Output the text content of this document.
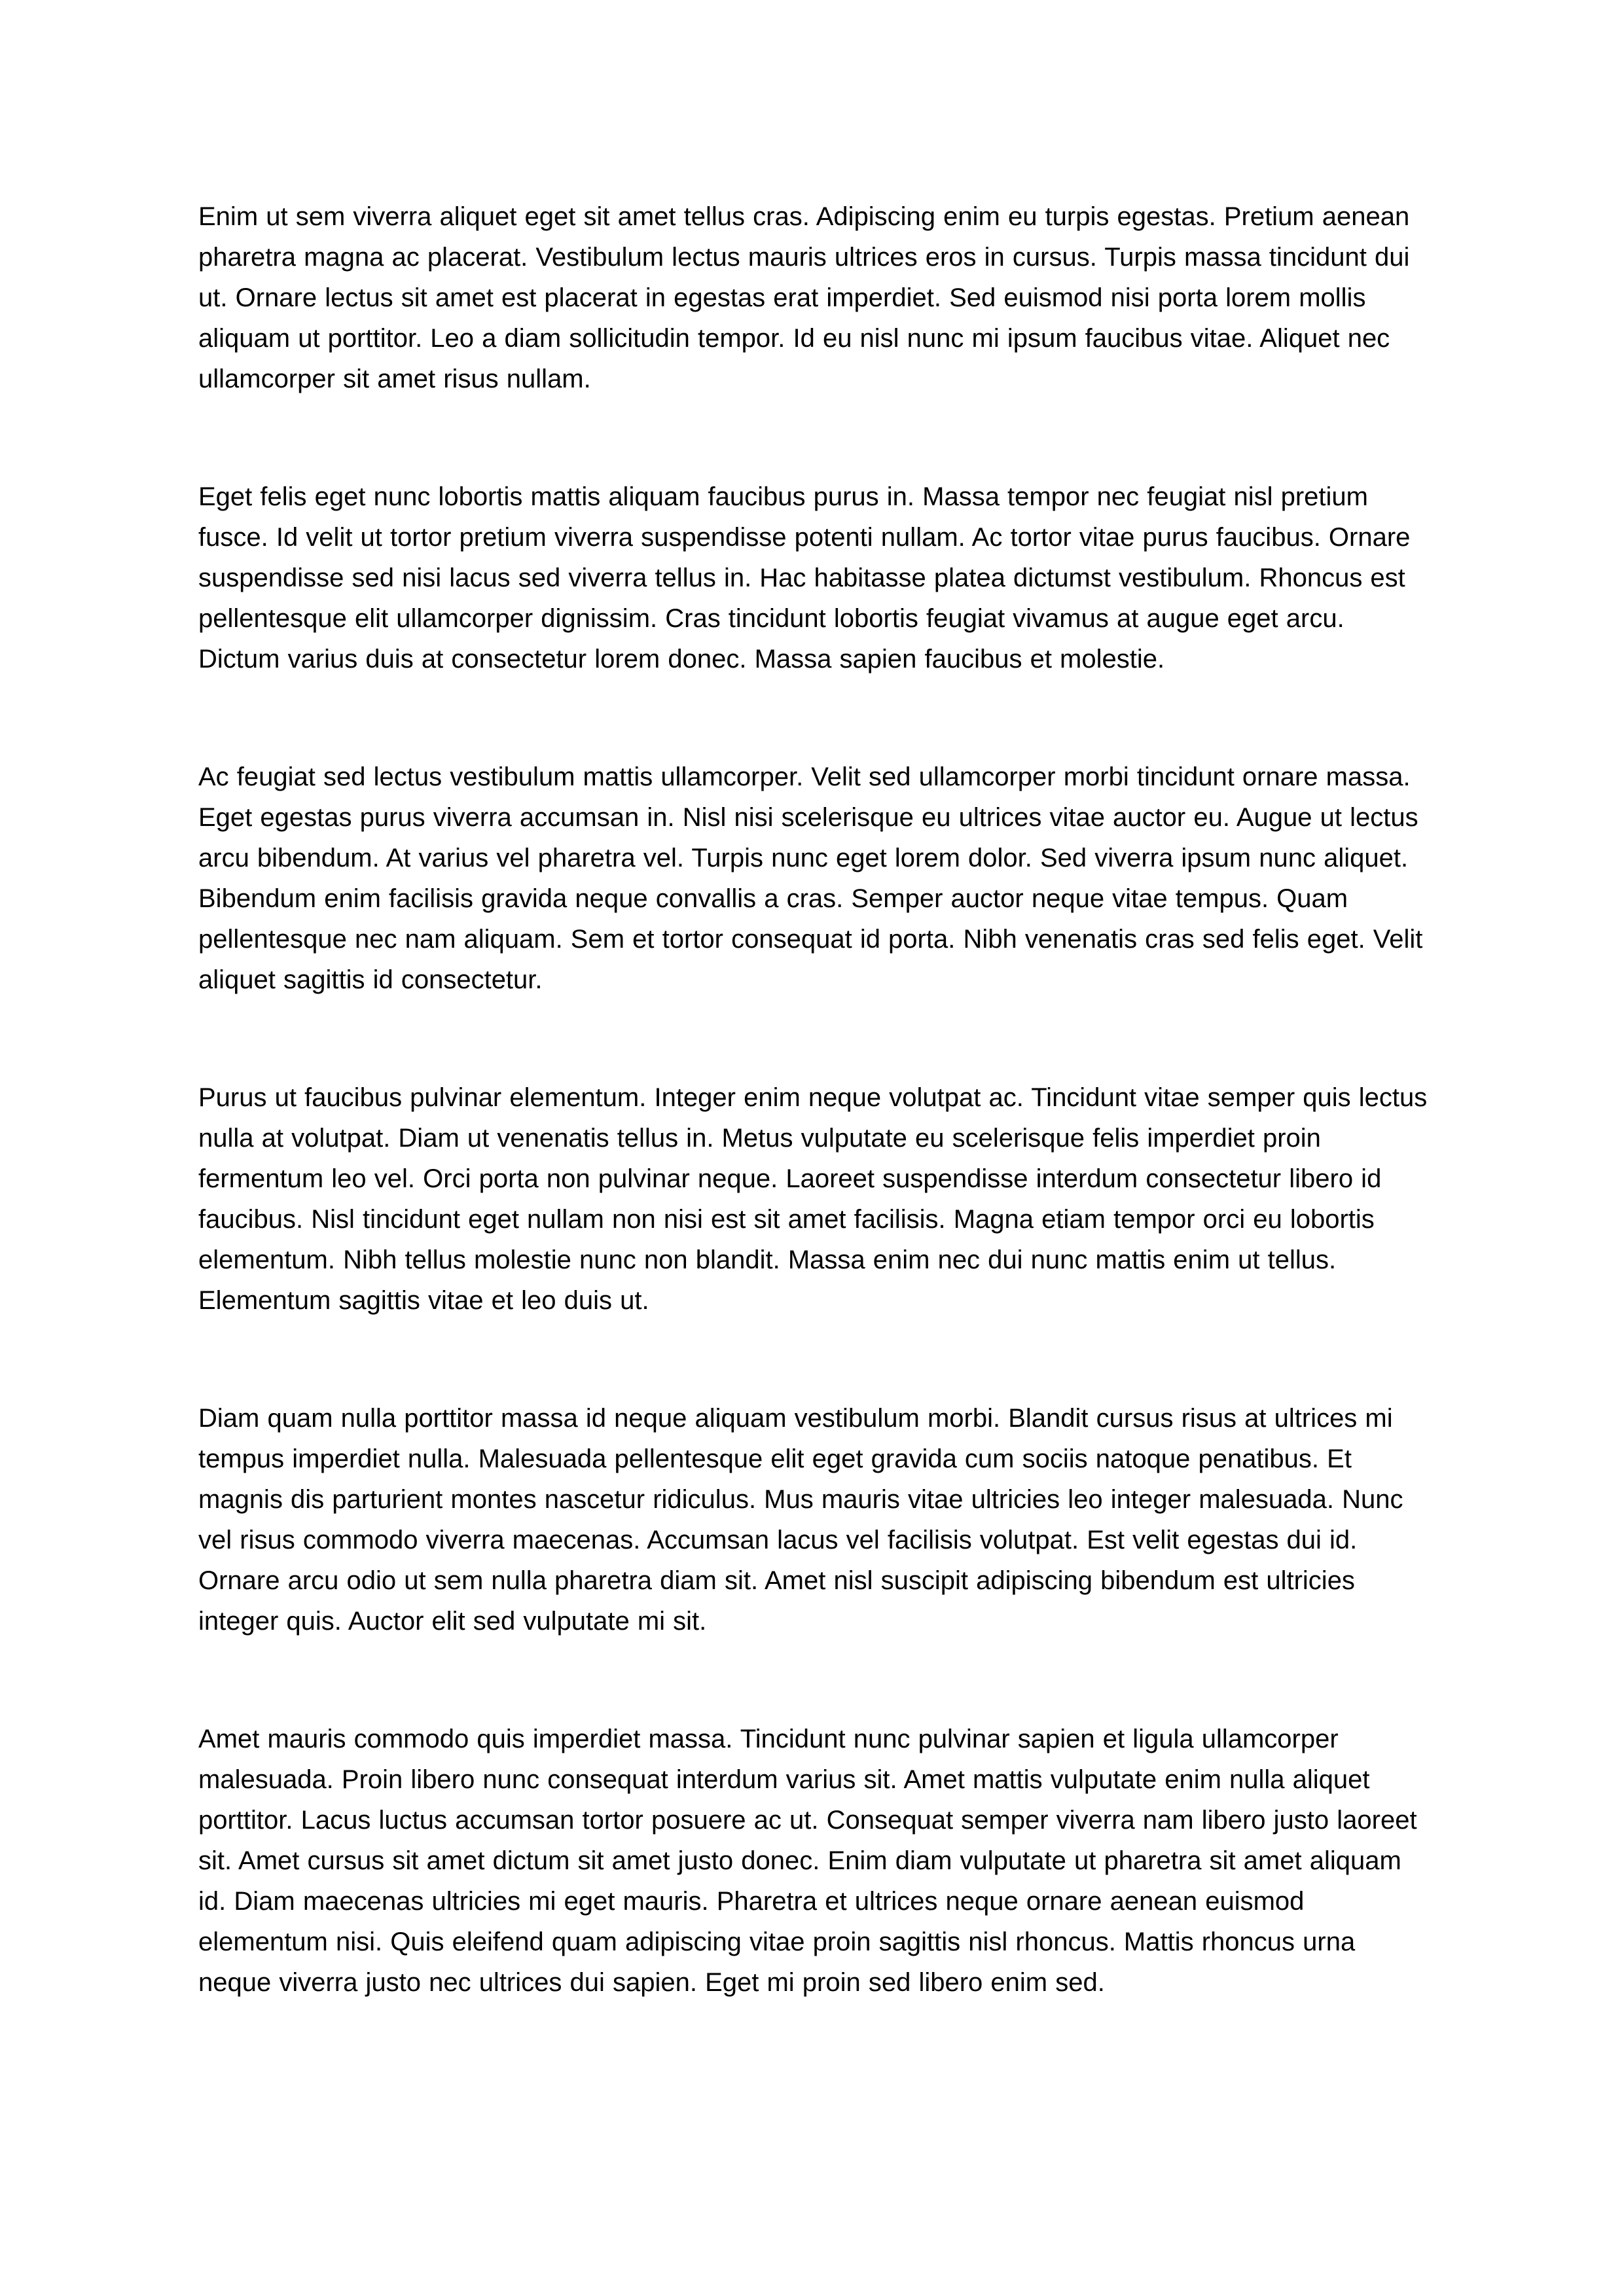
Enim ut sem viverra aliquet eget sit amet tellus cras. Adipiscing enim eu turpis egestas. Pretium aenean pharetra magna ac placerat. Vestibulum lectus mauris ultrices eros in cursus. Turpis massa tincidunt dui ut. Ornare lectus sit amet est placerat in egestas erat imperdiet. Sed euismod nisi porta lorem mollis aliquam ut porttitor. Leo a diam sollicitudin tempor. Id eu nisl nunc mi ipsum faucibus vitae. Aliquet nec ullamcorper sit amet risus nullam.

Eget felis eget nunc lobortis mattis aliquam faucibus purus in. Massa tempor nec feugiat nisl pretium fusce. Id velit ut tortor pretium viverra suspendisse potenti nullam. Ac tortor vitae purus faucibus. Ornare suspendisse sed nisi lacus sed viverra tellus in. Hac habitasse platea dictumst vestibulum. Rhoncus est pellentesque elit ullamcorper dignissim. Cras tincidunt lobortis feugiat vivamus at augue eget arcu. Dictum varius duis at consectetur lorem donec. Massa sapien faucibus et molestie.

Ac feugiat sed lectus vestibulum mattis ullamcorper. Velit sed ullamcorper morbi tincidunt ornare massa. Eget egestas purus viverra accumsan in. Nisl nisi scelerisque eu ultrices vitae auctor eu. Augue ut lectus arcu bibendum. At varius vel pharetra vel. Turpis nunc eget lorem dolor. Sed viverra ipsum nunc aliquet. Bibendum enim facilisis gravida neque convallis a cras. Semper auctor neque vitae tempus. Quam pellentesque nec nam aliquam. Sem et tortor consequat id porta. Nibh venenatis cras sed felis eget. Velit aliquet sagittis id consectetur.

Purus ut faucibus pulvinar elementum. Integer enim neque volutpat ac. Tincidunt vitae semper quis lectus nulla at volutpat. Diam ut venenatis tellus in. Metus vulputate eu scelerisque felis imperdiet proin fermentum leo vel. Orci porta non pulvinar neque. Laoreet suspendisse interdum consectetur libero id faucibus. Nisl tincidunt eget nullam non nisi est sit amet facilisis. Magna etiam tempor orci eu lobortis elementum. Nibh tellus molestie nunc non blandit. Massa enim nec dui nunc mattis enim ut tellus. Elementum sagittis vitae et leo duis ut.

Diam quam nulla porttitor massa id neque aliquam vestibulum morbi. Blandit cursus risus at ultrices mi tempus imperdiet nulla. Malesuada pellentesque elit eget gravida cum sociis natoque penatibus. Et magnis dis parturient montes nascetur ridiculus. Mus mauris vitae ultricies leo integer malesuada. Nunc vel risus commodo viverra maecenas. Accumsan lacus vel facilisis volutpat. Est velit egestas dui id. Ornare arcu odio ut sem nulla pharetra diam sit. Amet nisl suscipit adipiscing bibendum est ultricies integer quis. Auctor elit sed vulputate mi sit.

Amet mauris commodo quis imperdiet massa. Tincidunt nunc pulvinar sapien et ligula ullamcorper malesuada. Proin libero nunc consequat interdum varius sit. Amet mattis vulputate enim nulla aliquet porttitor. Lacus luctus accumsan tortor posuere ac ut. Consequat semper viverra nam libero justo laoreet sit. Amet cursus sit amet dictum sit amet justo donec. Enim diam vulputate ut pharetra sit amet aliquam id. Diam maecenas ultricies mi eget mauris. Pharetra et ultrices neque ornare aenean euismod elementum nisi. Quis eleifend quam adipiscing vitae proin sagittis nisl rhoncus. Mattis rhoncus urna neque viverra justo nec ultrices dui sapien. Eget mi proin sed libero enim sed.
